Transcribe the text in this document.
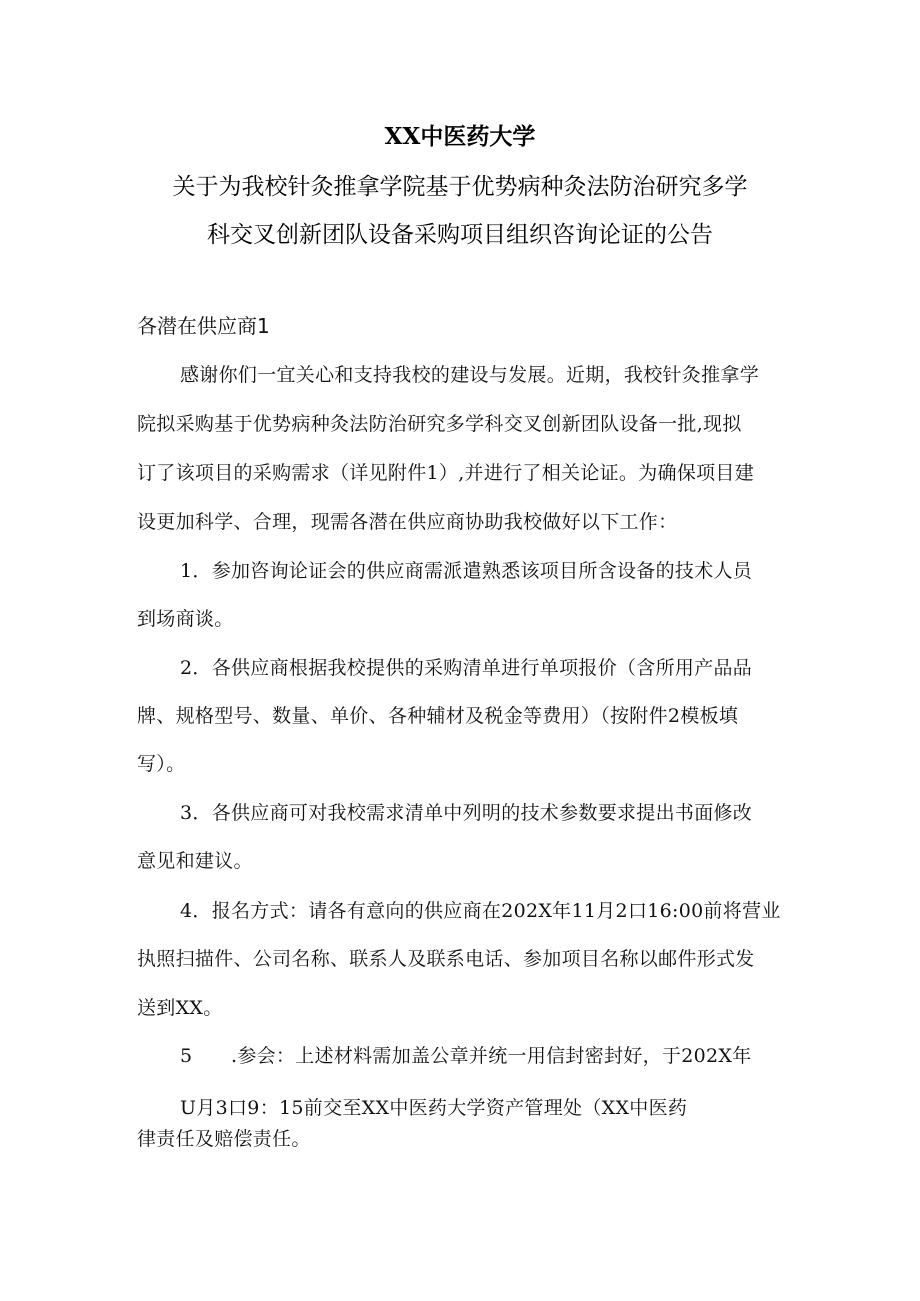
XX中医药大学
关于为我校针灸推拿学院基于优势病种灸法防治研究多学
科交叉创新团队设备采购项目组织咨询论证的公告
各潜在供应商1
感谢你们一宜关心和支持我校的建设与发展。近期，我校针灸推拿学
院拟采购基于优势病种灸法防治研究多学科交叉创新团队设备一批,现拟
订了该项目的采购需求（详见附件1）,并进行了相关论证。为确保项目建
设更加科学、合理，现需各潜在供应商协助我校做好以下工作：
1．参加咨询论证会的供应商需派遣熟悉该项目所含设备的技术人员
到场商谈。
2．各供应商根据我校提供的采购清单进行单项报价（含所用产品品
牌、规格型号、数量、单价、各种辅材及税金等费用）（按附件2模板填
写）。
3．各供应商可对我校需求清单中列明的技术参数要求提出书面修改
意见和建议。
4．报名方式：请各有意向的供应商在202X年11月2口16:00前将营业
执照扫描件、公司名称、联系人及联系电话、参加项目名称以邮件形式发
送到XX。
5　　.参会：上述材料需加盖公章并统一用信封密封好，于202X年
U月3口9：15前交至XX中医药大学资产管理处（XX中医药
律责任及赔偿责任。
